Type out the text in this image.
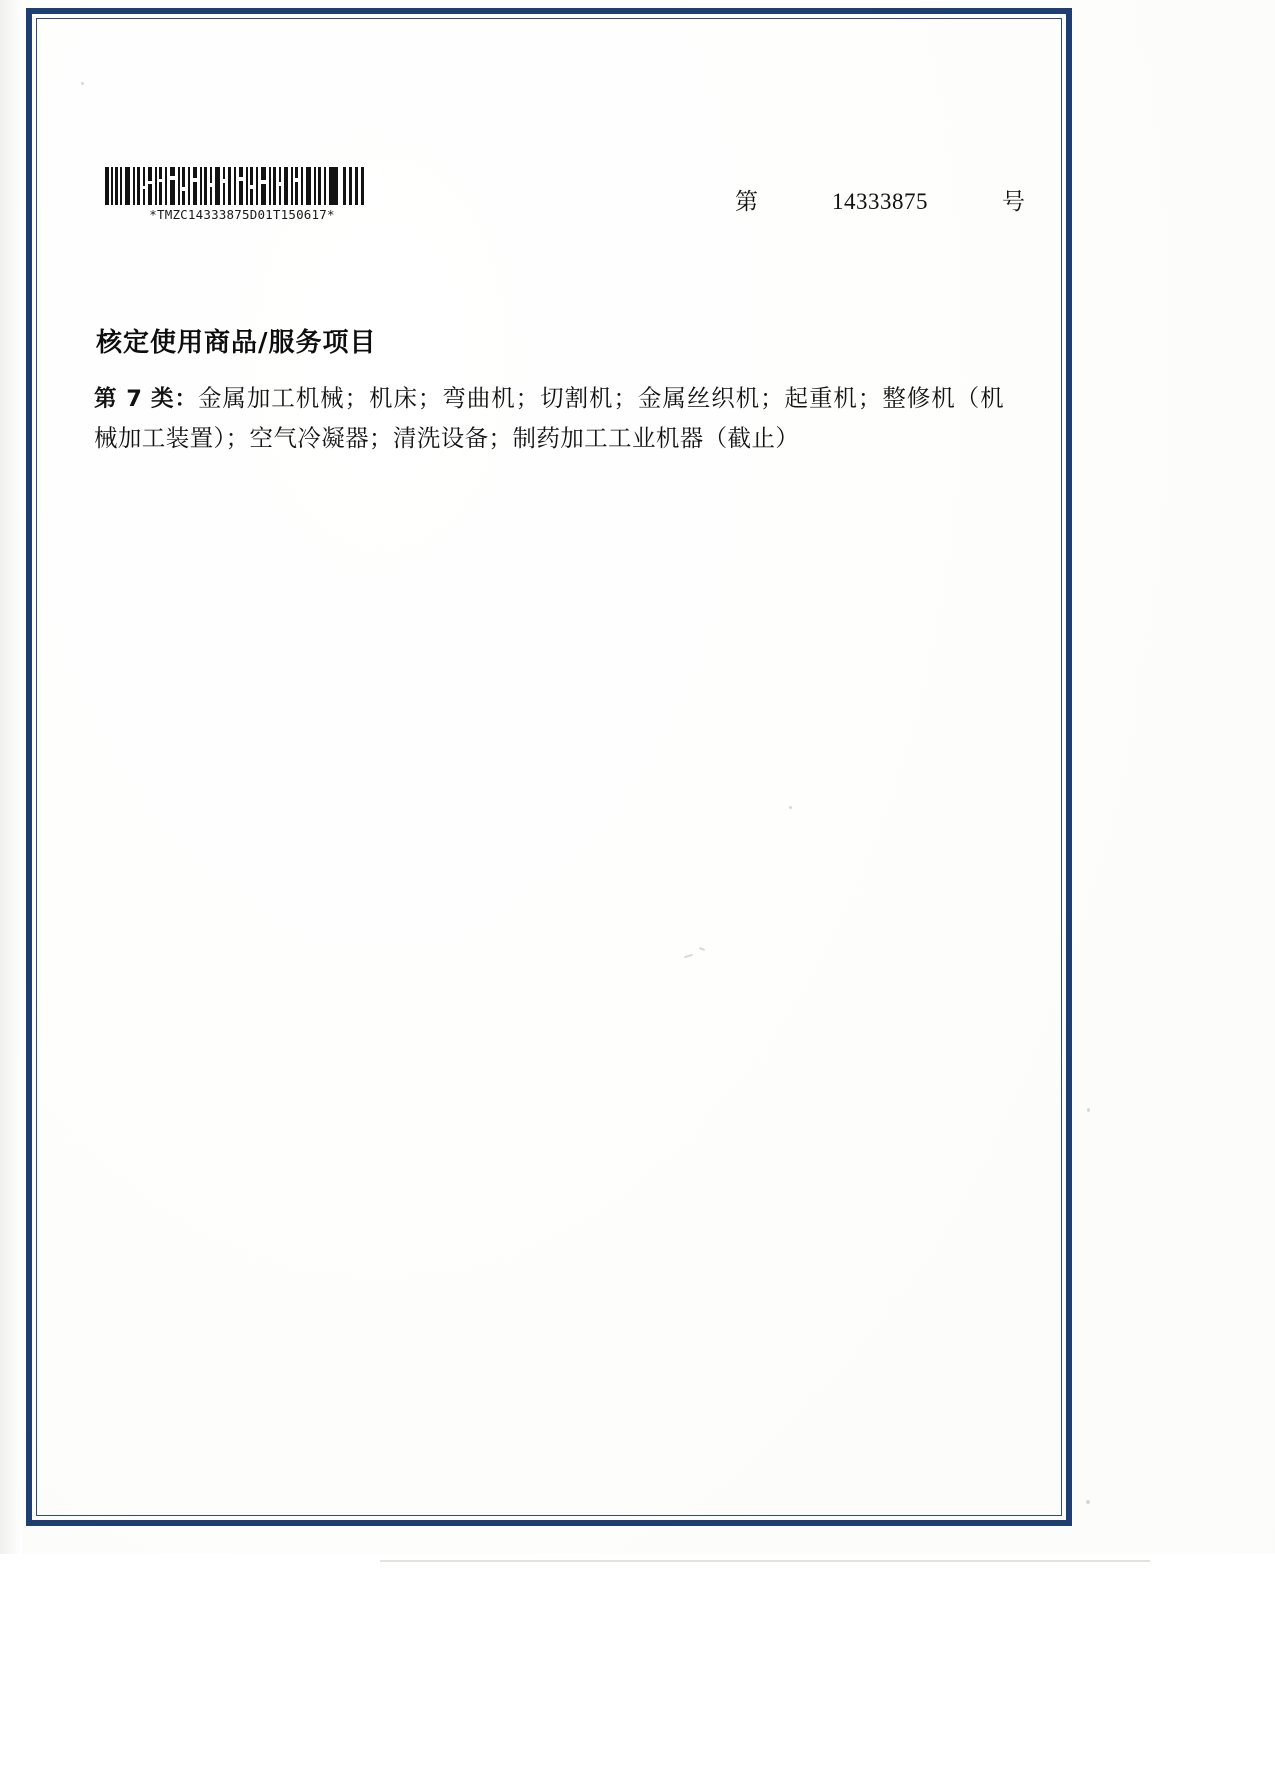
*TMZC14333875D01T150617*
第	14333875	号
核定使用商品/服务项目
第 7 类：金属加工机械；机床；弯曲机；切割机；金属丝织机；起重机；整修机（机械加工装置）；空气冷凝器；清洗设备；制药加工工业机器（截止）
